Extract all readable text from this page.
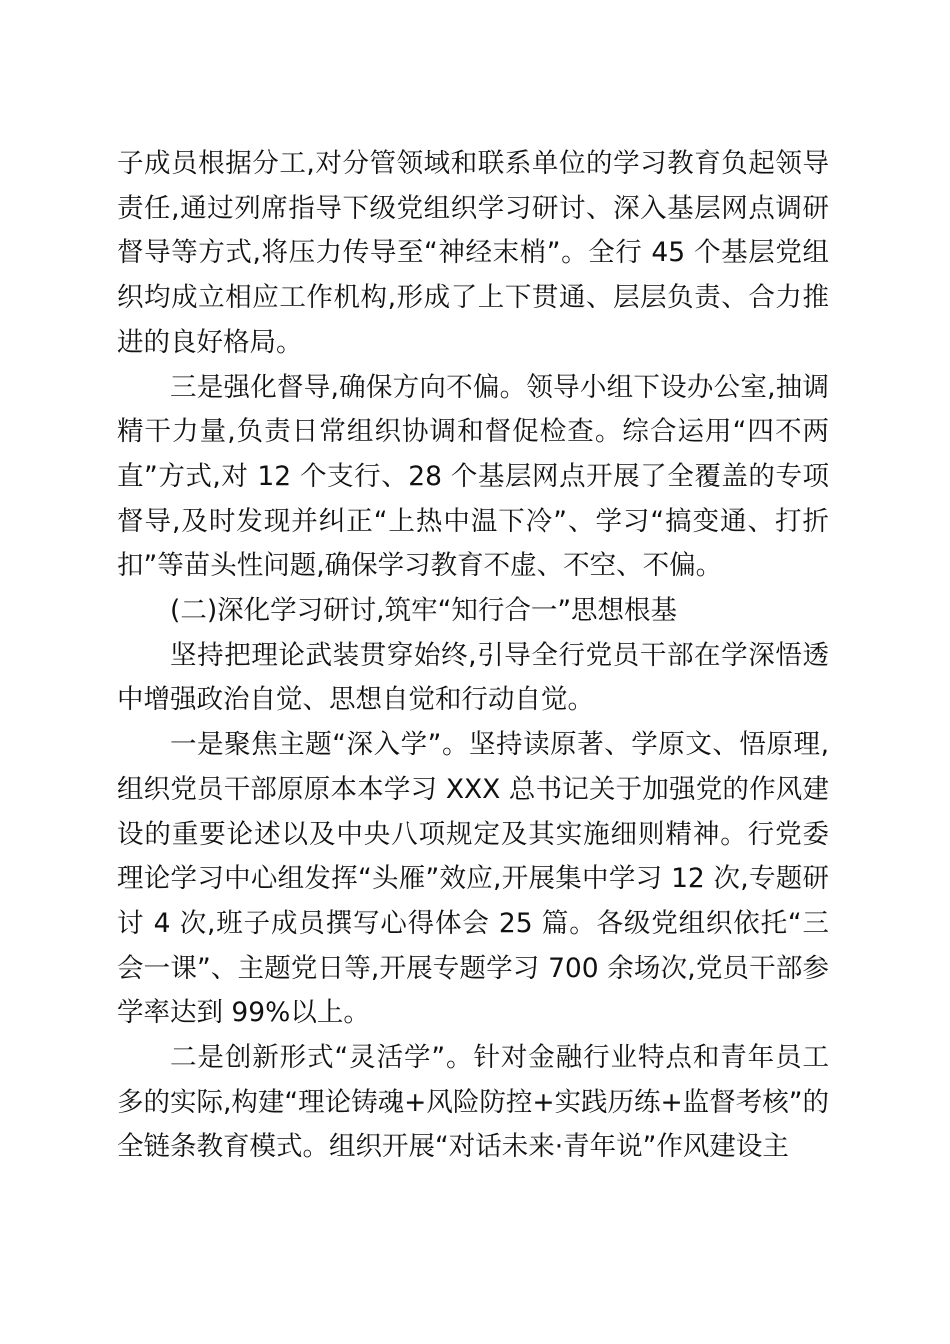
子成员根据分工,对分管领域和联系单位的学习教育负起领导责任,通过列席指导下级党组织学习研讨、深入基层网点调研督导等方式,将压力传导至“神经末梢”。全行 45 个基层党组织均成立相应工作机构,形成了上下贯通、层层负责、合力推进的良好格局。

三是强化督导,确保方向不偏。领导小组下设办公室,抽调精干力量,负责日常组织协调和督促检查。综合运用“四不两直”方式,对 12 个支行、28 个基层网点开展了全覆盖的专项督导,及时发现并纠正“上热中温下冷”、学习“搞变通、打折扣”等苗头性问题,确保学习教育不虚、不空、不偏。

(二)深化学习研讨,筑牢“知行合一”思想根基

坚持把理论武装贯穿始终,引导全行党员干部在学深悟透中增强政治自觉、思想自觉和行动自觉。

一是聚焦主题“深入学”。坚持读原著、学原文、悟原理,组织党员干部原原本本学习 XXX 总书记关于加强党的作风建设的重要论述以及中央八项规定及其实施细则精神。行党委理论学习中心组发挥“头雁”效应,开展集中学习 12 次,专题研讨 4 次,班子成员撰写心得体会 25 篇。各级党组织依托“三会一课”、主题党日等,开展专题学习 700 余场次,党员干部参学率达到 99%以上。

二是创新形式“灵活学”。针对金融行业特点和青年员工多的实际,构建“理论铸魂+风险防控+实践历练+监督考核”的全链条教育模式。组织开展“对话未来·青年说”作风建设主
